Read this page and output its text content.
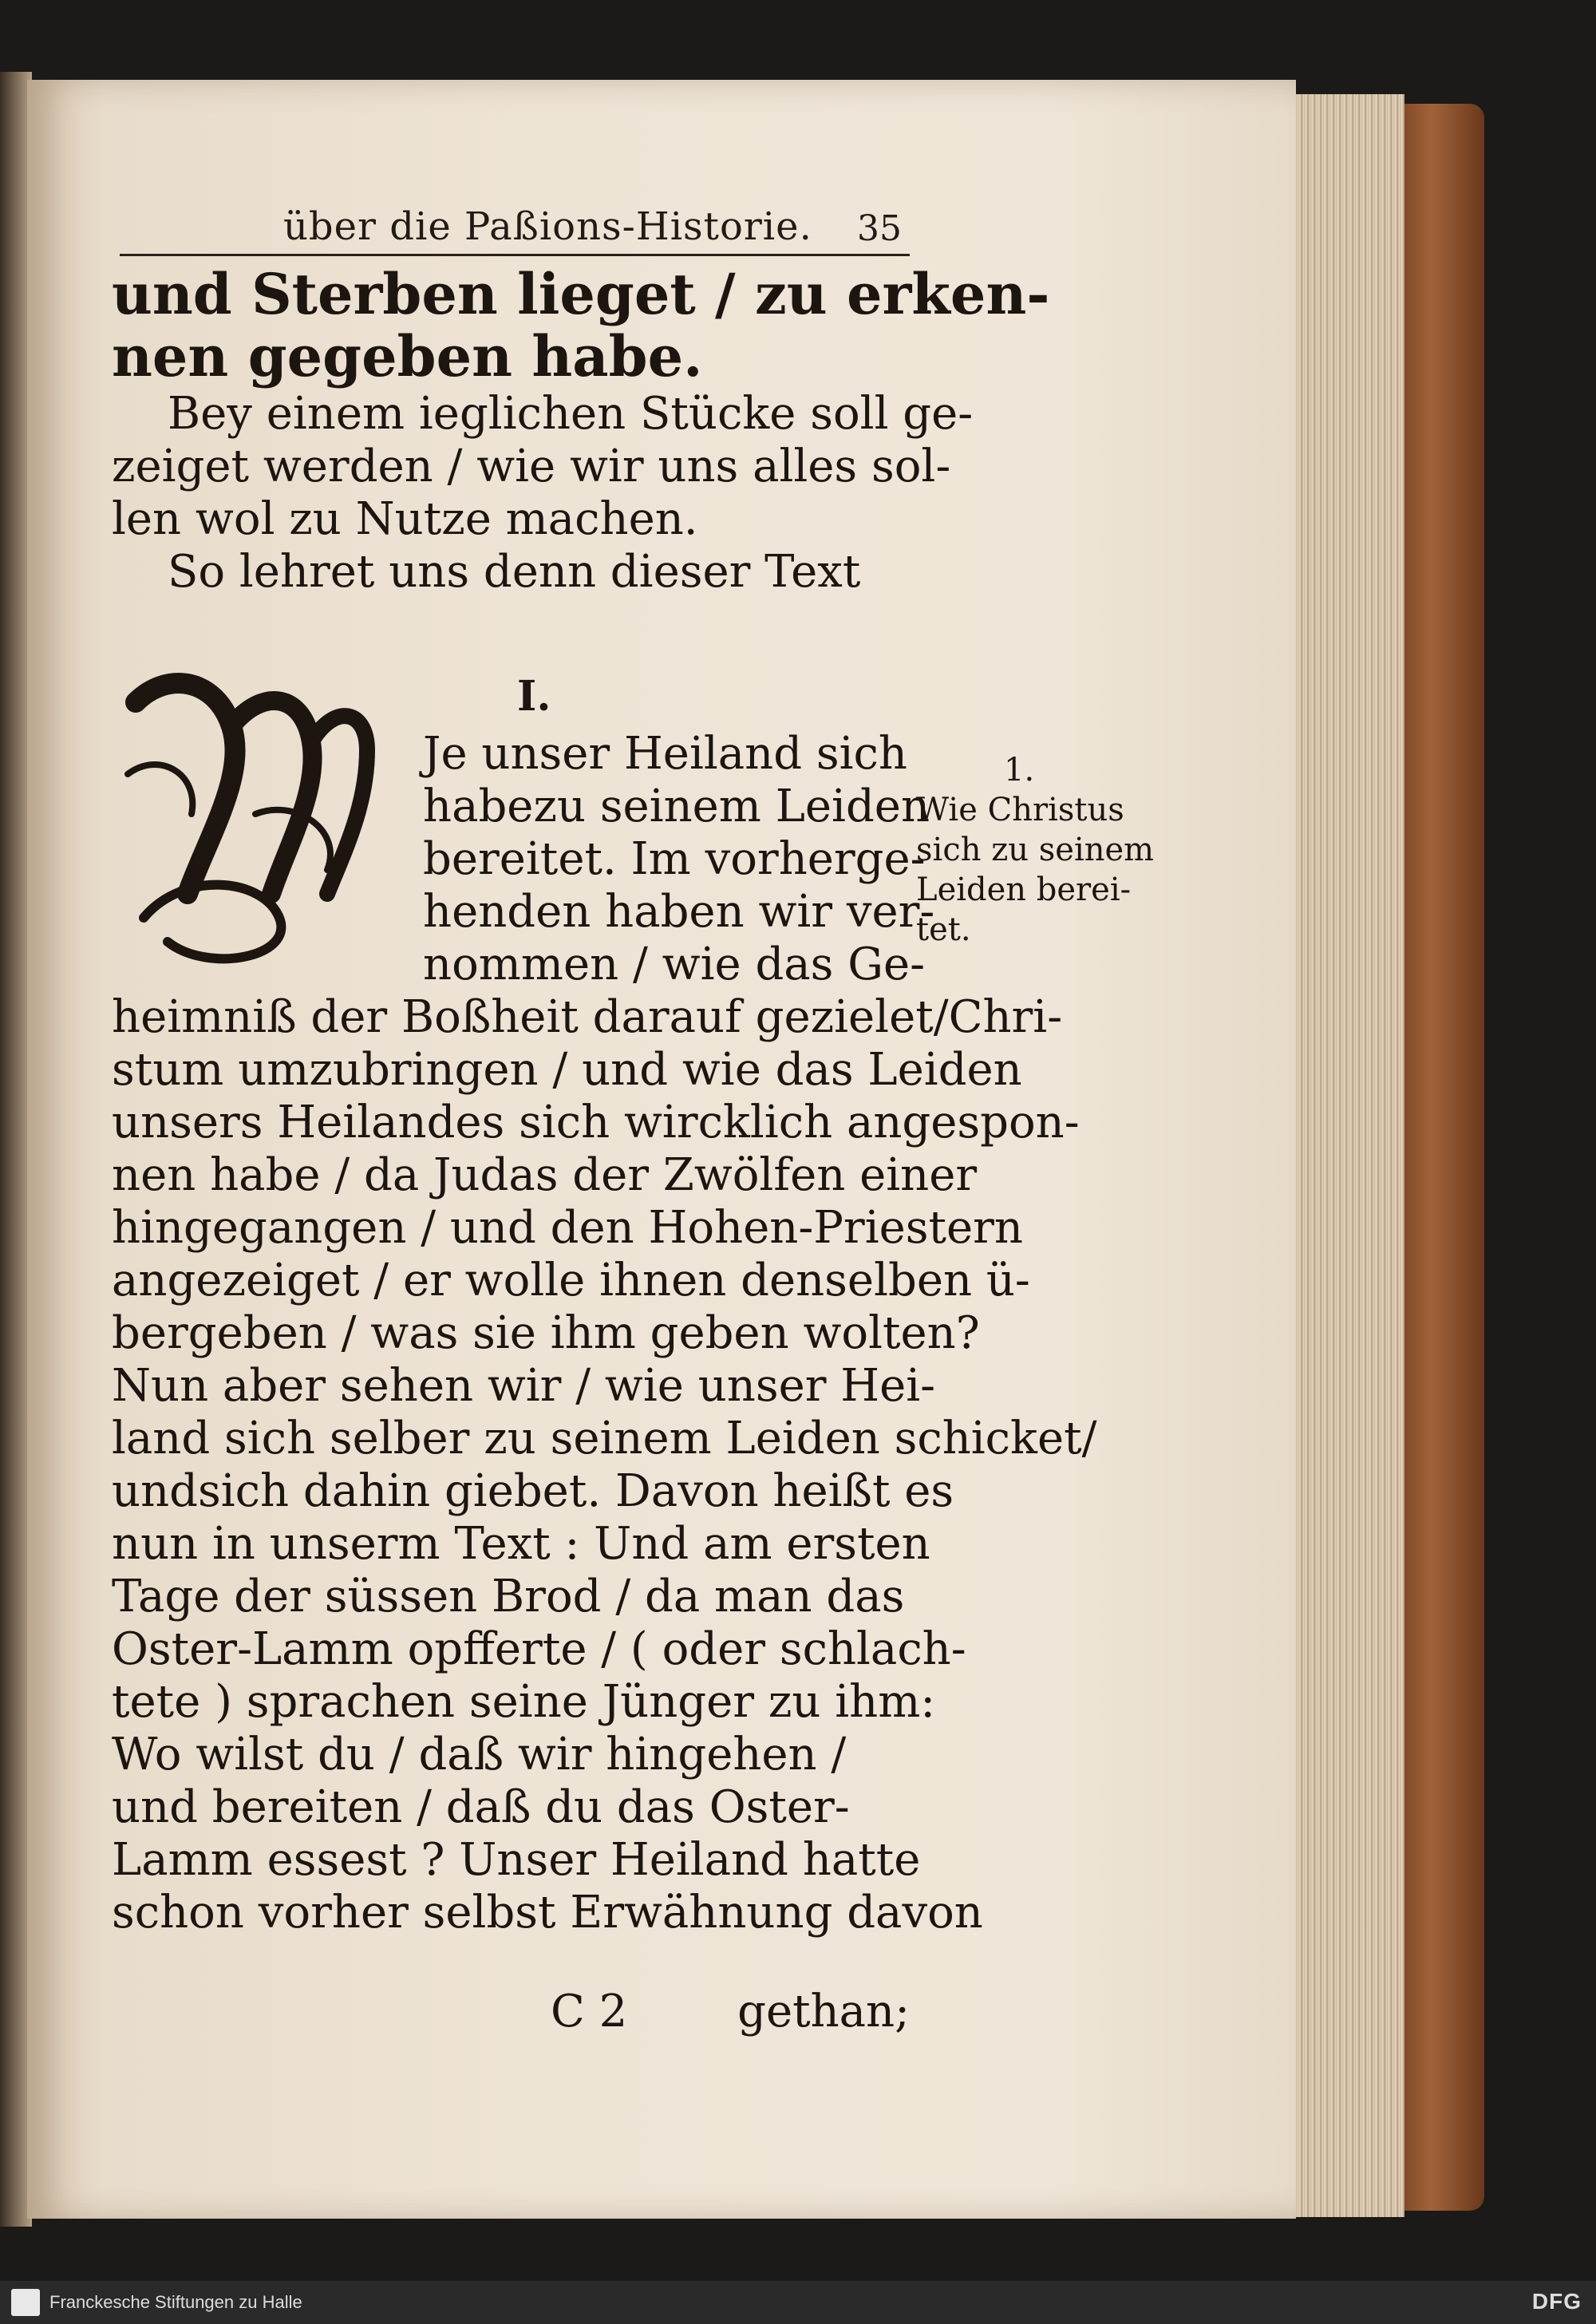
über die Paßions-Historie. 35
und Sterben lieget / zu erken-
nen gegeben habe.
Bey einem ieglichen Stücke soll ge-
zeiget werden / wie wir uns alles sol-
len wol zu Nutze machen.
So lehret uns denn dieser Text
I.
Je unser Heiland sich
habezu seinem Leiden
bereitet. Im vorherge-
henden haben wir ver-
nommen / wie das Ge-
heimniß der Boßheit darauf gezielet/Chri-
stum umzubringen / und wie das Leiden
unsers Heilandes sich wircklich angespon-
nen habe / da Judas der Zwölfen einer
hingegangen / und den Hohen-Priestern
angezeiget / er wolle ihnen denselben ü-
bergeben / was sie ihm geben wolten?
Nun aber sehen wir / wie unser Hei-
land sich selber zu seinem Leiden schicket/
undsich dahin giebet. Davon heißt es
nun in unserm Text : Und am ersten
Tage der süssen Brod / da man das
Oster-Lamm opfferte / ( oder schlach-
tete ) sprachen seine Jünger zu ihm:
Wo wilst du / daß wir hingehen /
und bereiten / daß du das Oster-
Lamm essest ? Unser Heiland hatte
schon vorher selbst Erwähnung davon
1.
Wie Christus
sich zu seinem
Leiden berei-
tet.
C 2 gethan;
Franckesche Stiftungen zu Halle	DFG
